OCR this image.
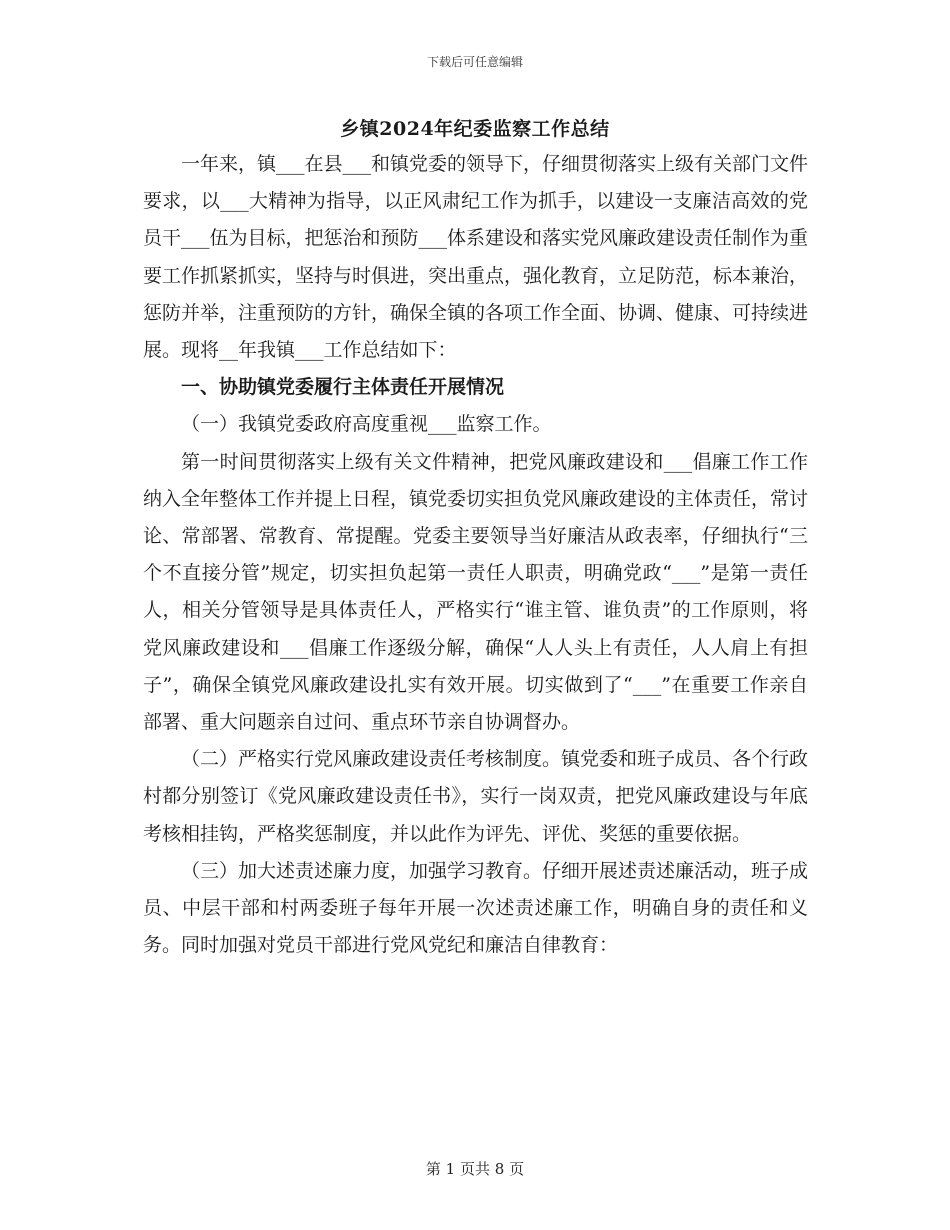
下载后可任意编辑
乡镇2024年纪委监察工作总结

一年来，镇___在县___和镇党委的领导下，仔细贯彻落实上级有关部门文件要求，以___大精神为指导，以正风肃纪工作为抓手，以建设一支廉洁高效的党员干___伍为目标，把惩治和预防___体系建设和落实党风廉政建设责任制作为重要工作抓紧抓实，坚持与时俱进，突出重点，强化教育，立足防范，标本兼治，惩防并举，注重预防的方针，确保全镇的各项工作全面、协调、健康、可持续进展。现将__年我镇___工作总结如下：

一、协助镇党委履行主体责任开展情况

（一）我镇党委政府高度重视___监察工作。

第一时间贯彻落实上级有关文件精神，把党风廉政建设和___倡廉工作工作纳入全年整体工作并提上日程，镇党委切实担负党风廉政建设的主体责任，常讨论、常部署、常教育、常提醒。党委主要领导当好廉洁从政表率，仔细执行“三个不直接分管”规定，切实担负起第一责任人职责，明确党政“___”是第一责任人，相关分管领导是具体责任人，严格实行“谁主管、谁负责”的工作原则，将党风廉政建设和___倡廉工作逐级分解，确保“人人头上有责任，人人肩上有担子”，确保全镇党风廉政建设扎实有效开展。切实做到了“___”在重要工作亲自部署、重大问题亲自过问、重点环节亲自协调督办。

（二）严格实行党风廉政建设责任考核制度。镇党委和班子成员、各个行政村都分别签订《党风廉政建设责任书》，实行一岗双责，把党风廉政建设与年底考核相挂钩，严格奖惩制度，并以此作为评先、评优、奖惩的重要依据。

（三）加大述责述廉力度，加强学习教育。仔细开展述责述廉活动，班子成员、中层干部和村两委班子每年开展一次述责述廉工作，明确自身的责任和义务。同时加强对党员干部进行党风党纪和廉洁自律教育：

第 1 页共 8 页
